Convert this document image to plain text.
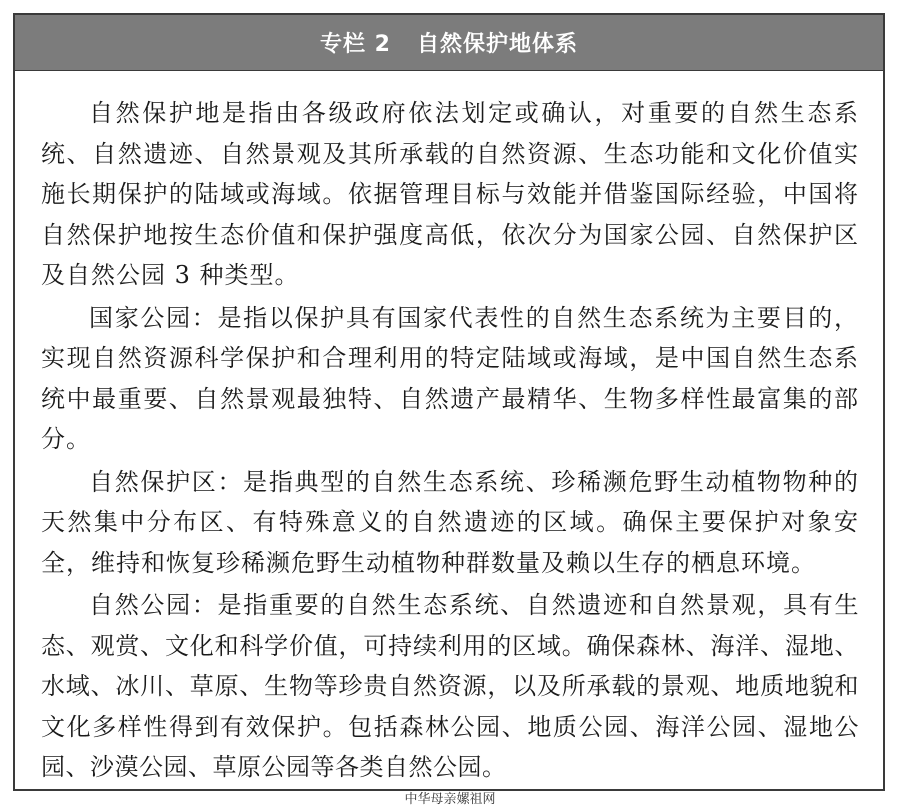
专栏 2 自然保护地体系

自然保护地是指由各级政府依法划定或确认，对重要的自然生态系统、自然遗迹、自然景观及其所承载的自然资源、生态功能和文化价值实施长期保护的陆域或海域。依据管理目标与效能并借鉴国际经验，中国将自然保护地按生态价值和保护强度高低，依次分为国家公园、自然保护区及自然公园 3 种类型。

国家公园：是指以保护具有国家代表性的自然生态系统为主要目的，实现自然资源科学保护和合理利用的特定陆域或海域，是中国自然生态系统中最重要、自然景观最独特、自然遗产最精华、生物多样性最富集的部分。

自然保护区：是指典型的自然生态系统、珍稀濒危野生动植物物种的天然集中分布区、有特殊意义的自然遗迹的区域。确保主要保护对象安全，维持和恢复珍稀濒危野生动植物种群数量及赖以生存的栖息环境。

自然公园：是指重要的自然生态系统、自然遗迹和自然景观，具有生态、观赏、文化和科学价值，可持续利用的区域。确保森林、海洋、湿地、水域、冰川、草原、生物等珍贵自然资源，以及所承载的景观、地质地貌和文化多样性得到有效保护。包括森林公园、地质公园、海洋公园、湿地公园、沙漠公园、草原公园等各类自然公园。

中华母亲嫘祖网
